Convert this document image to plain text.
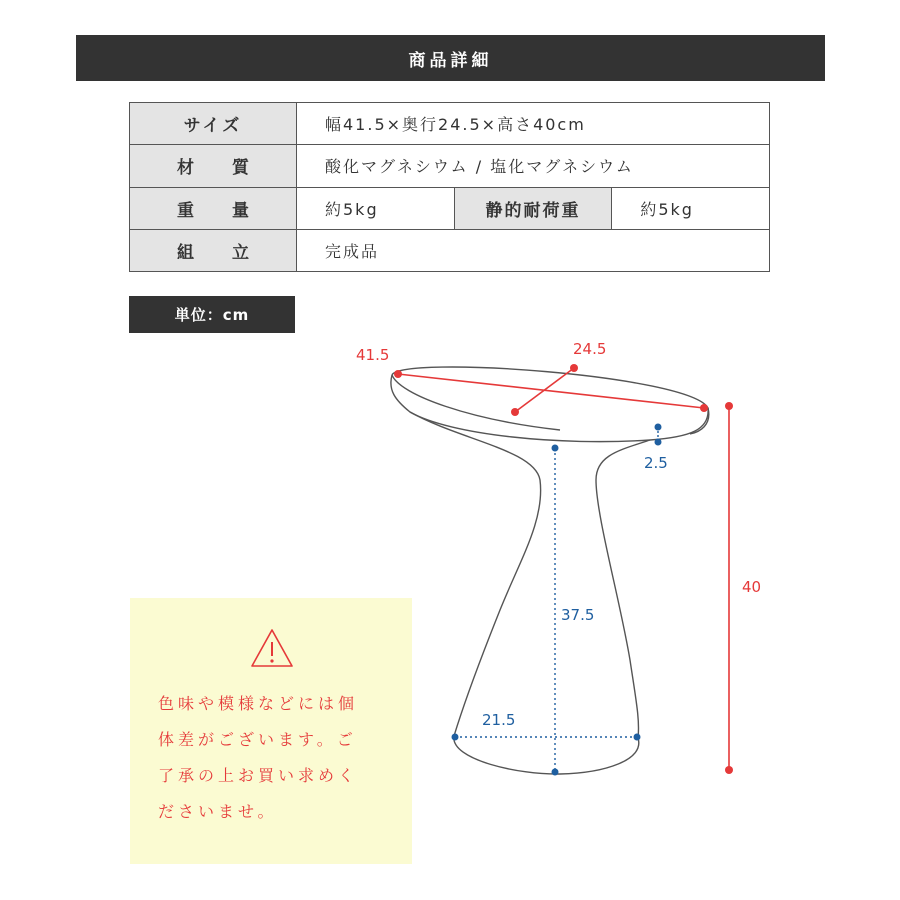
商品詳細
サイズ	幅41.5×奥行24.5×高さ40cm		
材 質	酸化マグネシウム / 塩化マグネシウム		
重 量	約5kg	静的耐荷重	約5kg
組 立	完成品		
単位：cm
41.5	24.5
2.5
37.5
21.5
40
色味や模様などには個
体差がございます。ご
了承の上お買い求めく
ださいませ。
